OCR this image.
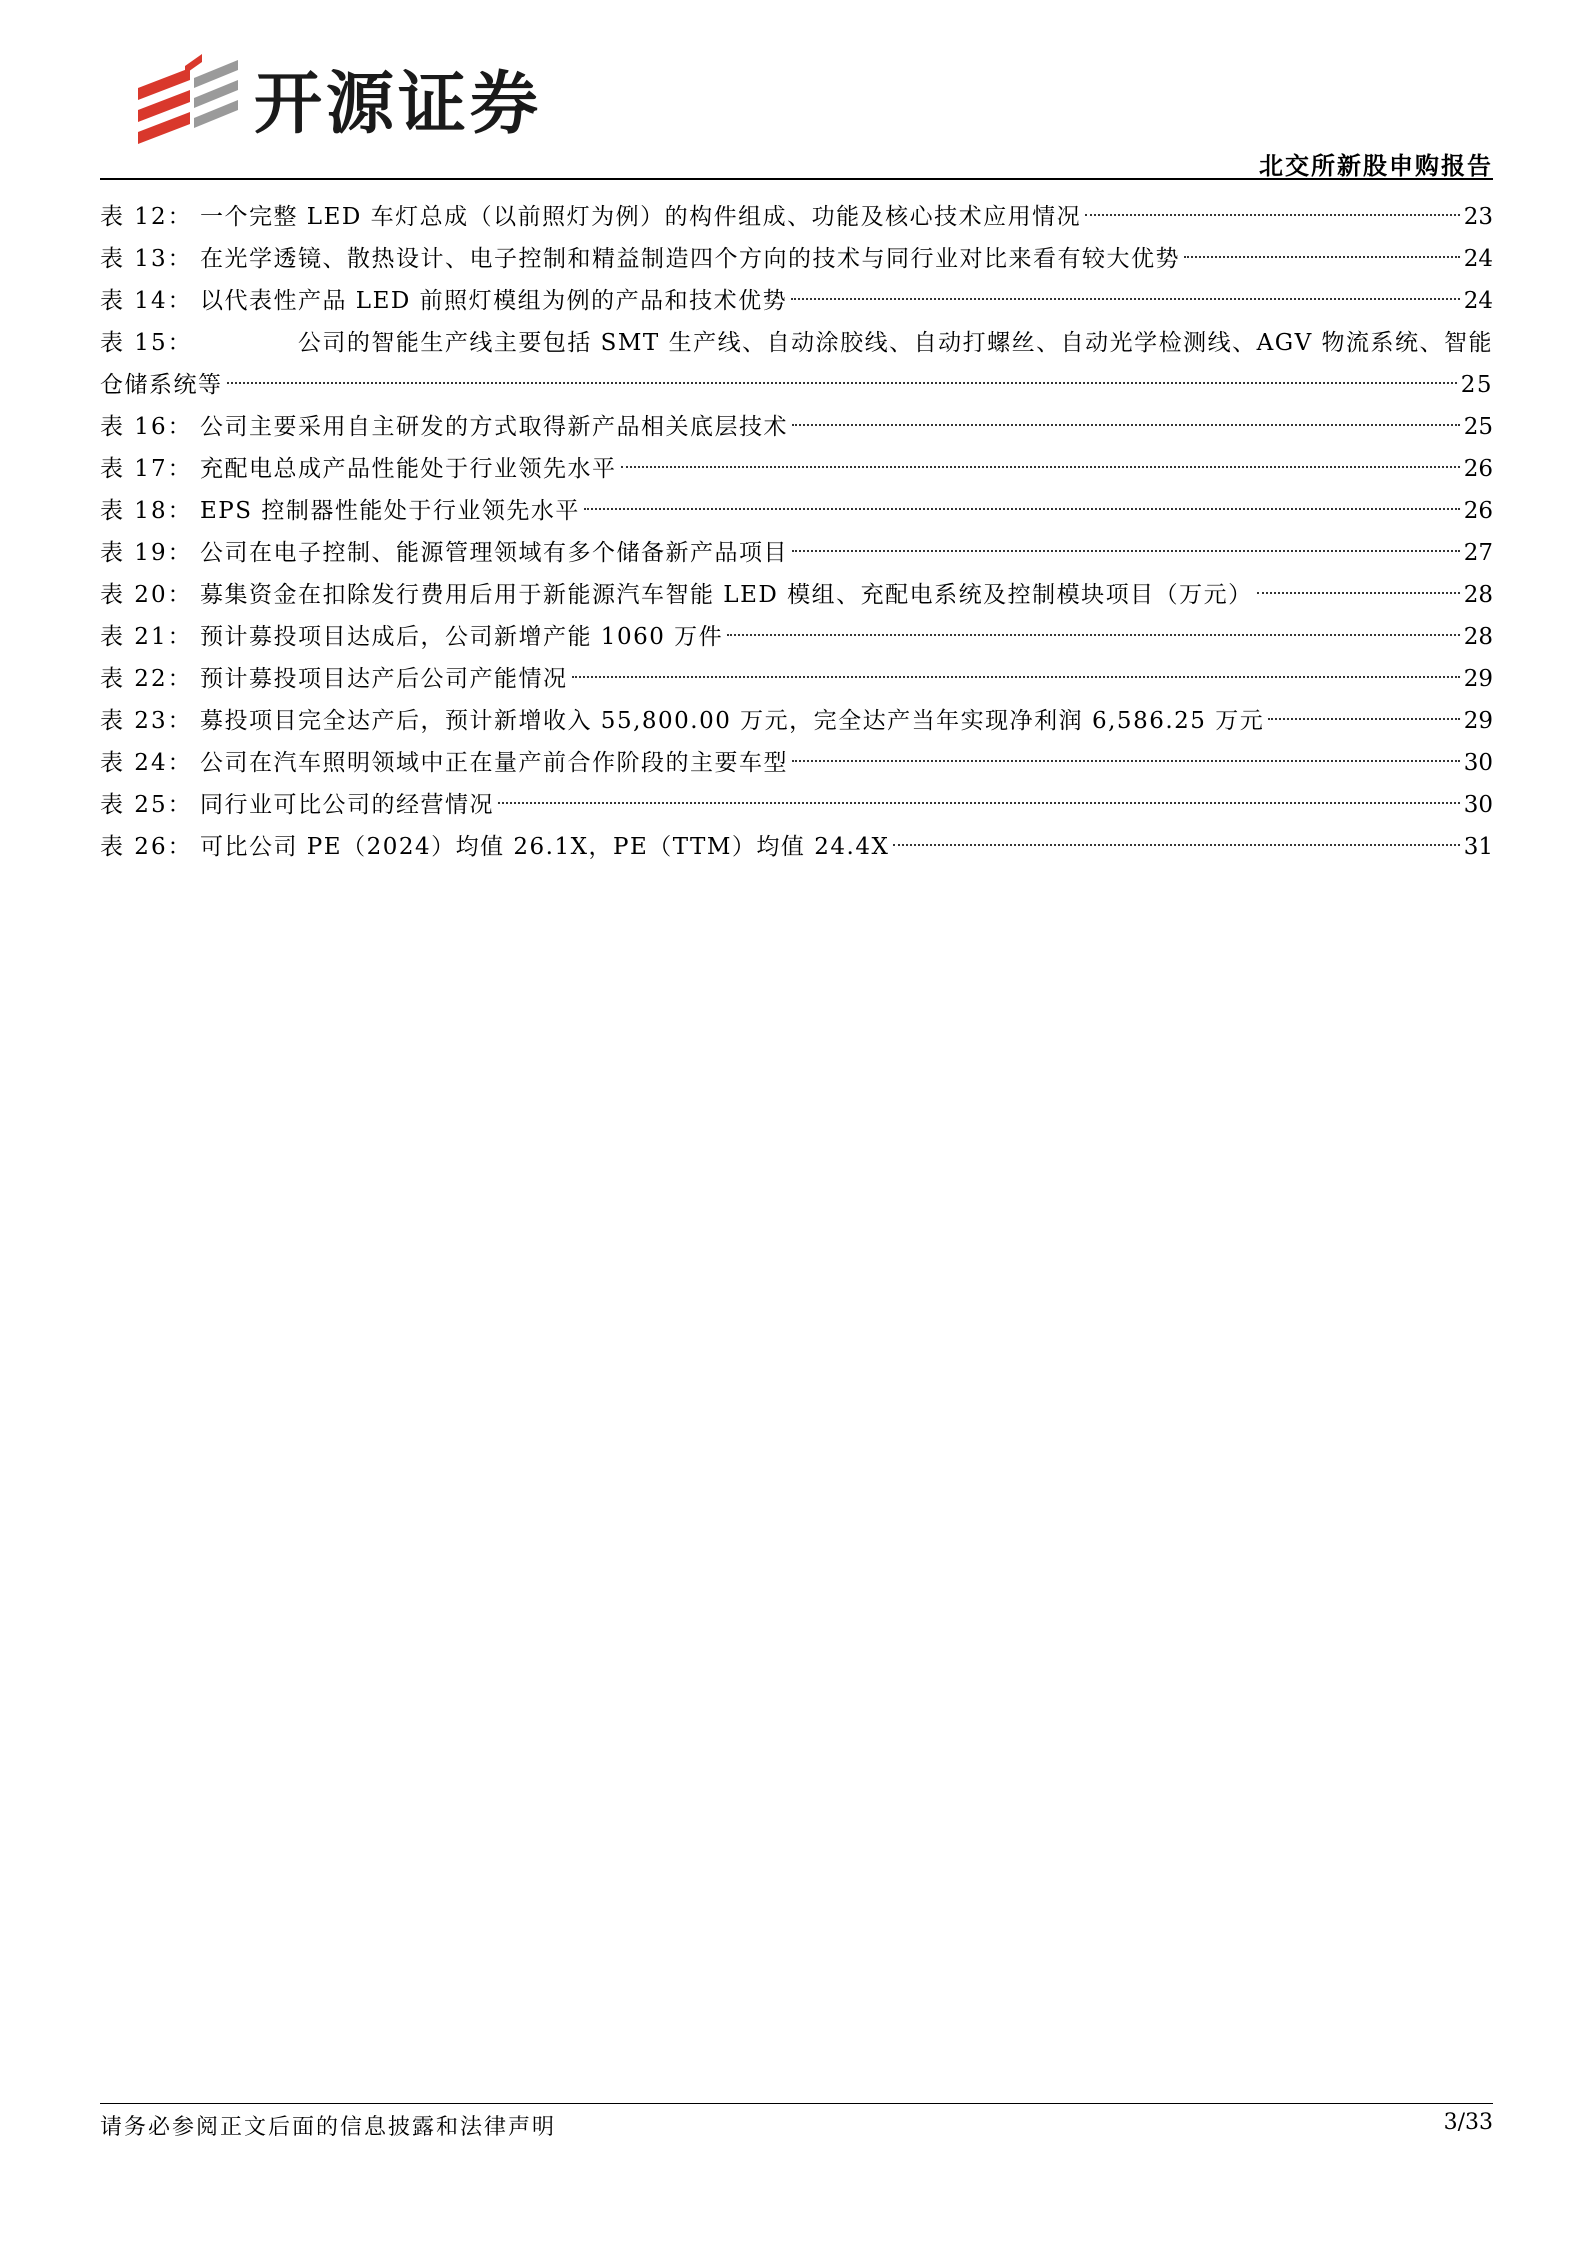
开源证券
北交所新股申购报告
表 12： 一个完整 LED 车灯总成（以前照灯为例）的构件组成、功能及核心技术应用情况	23
表 13： 在光学透镜、散热设计、电子控制和精益制造四个方向的技术与同行业对比来看有较大优势	24
表 14： 以代表性产品 LED 前照灯模组为例的产品和技术优势	24
表 15：	公司的智能生产线主要包括 SMT 生产线、自动涂胶线、自动打螺丝、自动光学检测线、AGV 物流系统、智能
仓储系统等	25
表 16： 公司主要采用自主研发的方式取得新产品相关底层技术	25
表 17： 充配电总成产品性能处于行业领先水平	26
表 18： EPS 控制器性能处于行业领先水平	26
表 19： 公司在电子控制、能源管理领域有多个储备新产品项目	27
表 20： 募集资金在扣除发行费用后用于新能源汽车智能 LED 模组、充配电系统及控制模块项目（万元）	28
表 21： 预计募投项目达成后，公司新增产能 1060 万件	28
表 22： 预计募投项目达产后公司产能情况	29
表 23： 募投项目完全达产后，预计新增收入 55,800.00 万元，完全达产当年实现净利润 6,586.25 万元	29
表 24： 公司在汽车照明领域中正在量产前合作阶段的主要车型	30
表 25： 同行业可比公司的经营情况	30
表 26： 可比公司 PE（2024）均值 26.1X，PE（TTM）均值 24.4X	31
请务必参阅正文后面的信息披露和法律声明	3/33
